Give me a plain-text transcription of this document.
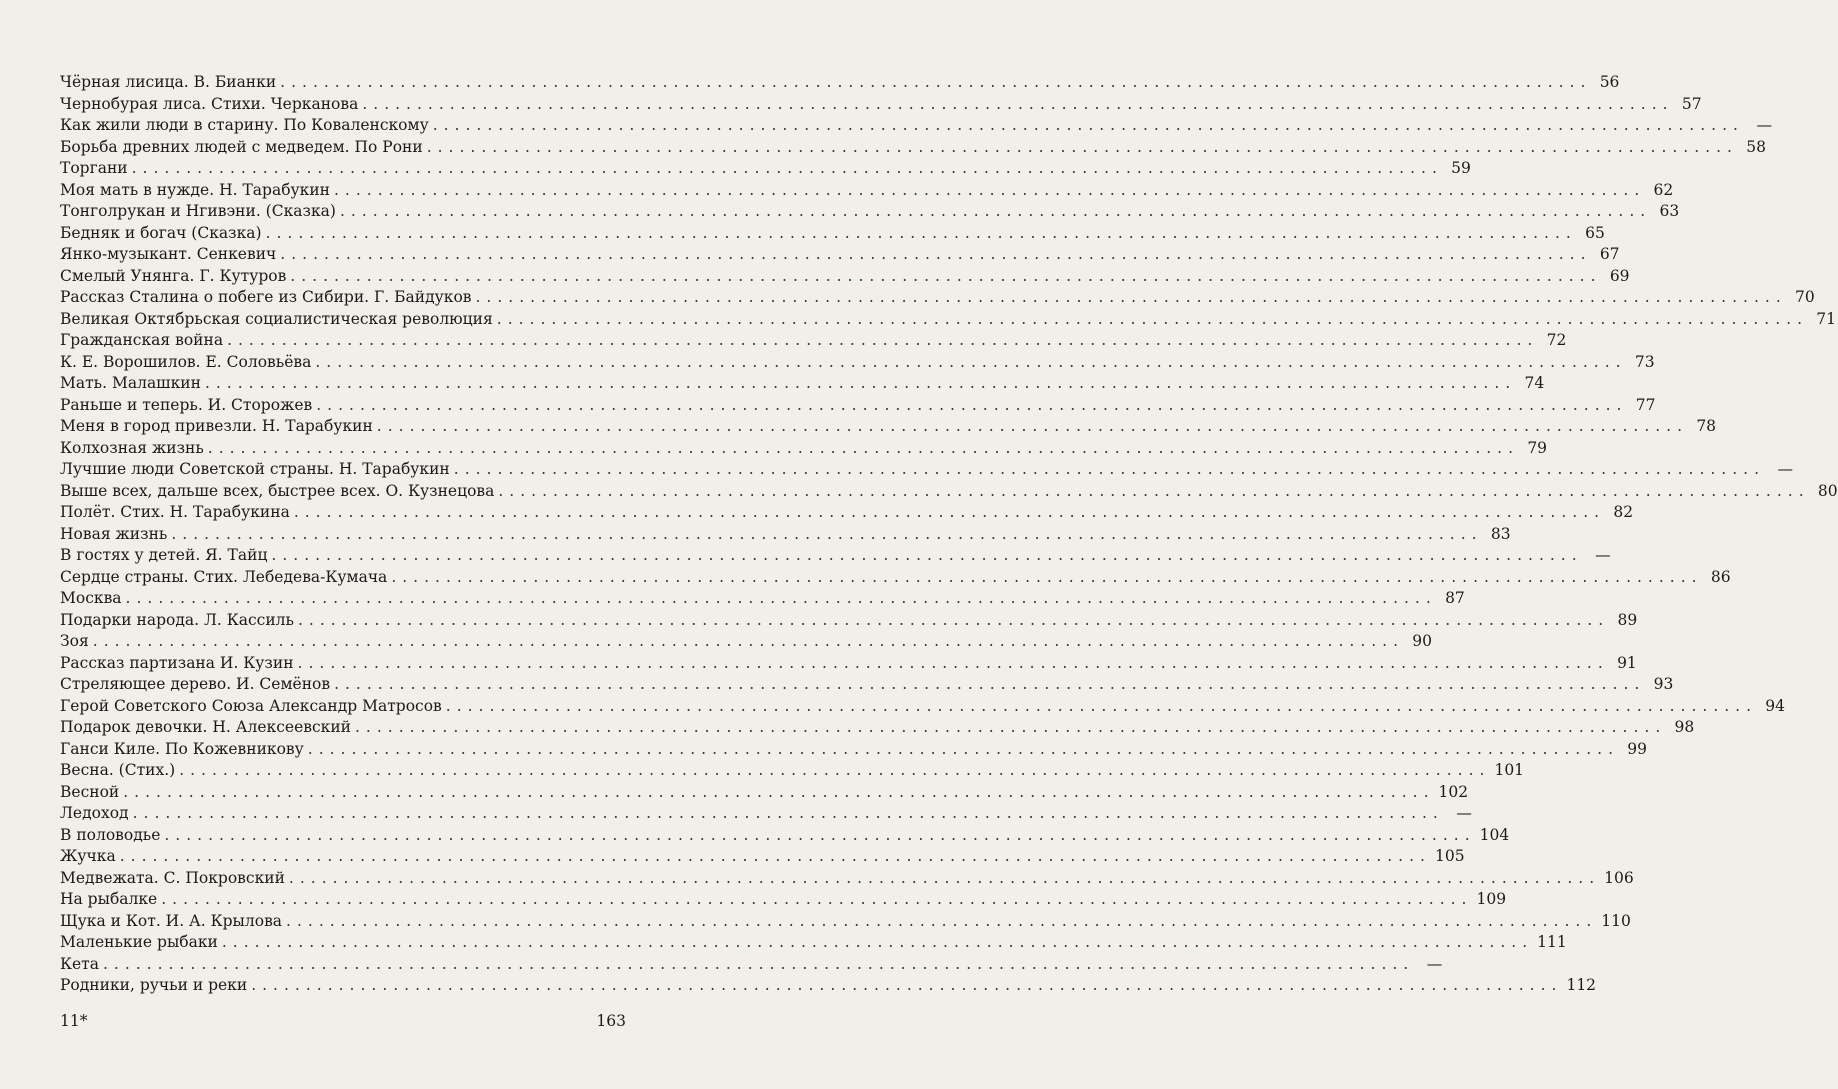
Чёрная лисица. В. Бианки ........................................................................................................................ 56
Чернобурая лиса. Стихи. Черканова ........................................................................................................................ 57
Как жили люди в старину. По Коваленскому ........................................................................................................................ —
Борьба древних людей с медведем. По Рони ........................................................................................................................ 58
Торгани ........................................................................................................................ 59
Моя мать в нужде. Н. Тарабукин ........................................................................................................................ 62
Тонголрукан и Нгивэни. (Сказка) ........................................................................................................................ 63
Бедняк и богач (Сказка) ........................................................................................................................ 65
Янко-музыкант. Сенкевич ........................................................................................................................ 67
Смелый Унянга. Г. Кутуров ........................................................................................................................ 69
Рассказ Сталина о побеге из Сибири. Г. Байдуков ........................................................................................................................ 70
Великая Октябрьская социалистическая революция ........................................................................................................................ 71
Гражданская война ........................................................................................................................ 72
К. Е. Ворошилов. Е. Соловьёва ........................................................................................................................ 73
Мать. Малашкин ........................................................................................................................ 74
Раньше и теперь. И. Сторожев ........................................................................................................................ 77
Меня в город привезли. Н. Тарабукин ........................................................................................................................ 78
Колхозная жизнь ........................................................................................................................ 79
Лучшие люди Советской страны. Н. Тарабукин ........................................................................................................................ —
Выше всех, дальше всех, быстрее всех. О. Кузнецова ........................................................................................................................ 80
Полёт. Стих. Н. Тарабукина ........................................................................................................................ 82
Новая жизнь ........................................................................................................................ 83
В гостях у детей. Я. Тайц ........................................................................................................................ —
Сердце страны. Стих. Лебедева-Кумача ........................................................................................................................ 86
Москва ........................................................................................................................ 87
Подарки народа. Л. Кассиль ........................................................................................................................ 89
Зоя ........................................................................................................................ 90
Рассказ партизана И. Кузин ........................................................................................................................ 91
Стреляющее дерево. И. Семёнов ........................................................................................................................ 93
Герой Советского Союза Александр Матросов ........................................................................................................................ 94
Подарок девочки. Н. Алексеевский ........................................................................................................................ 98
Ганси Киле. По Кожевникову ........................................................................................................................ 99
Весна. (Стих.) ........................................................................................................................ 101
Весной ........................................................................................................................ 102
Ледоход ........................................................................................................................ —
В половодье ........................................................................................................................ 104
Жучка ........................................................................................................................ 105
Медвежата. С. Покровский ........................................................................................................................ 106
На рыбалке ........................................................................................................................ 109
Щука и Кот. И. А. Крылова ........................................................................................................................ 110
Маленькие рыбаки ........................................................................................................................ 111
Кета ........................................................................................................................ —
Родники, ручьи и реки ........................................................................................................................ 112
11*	163
